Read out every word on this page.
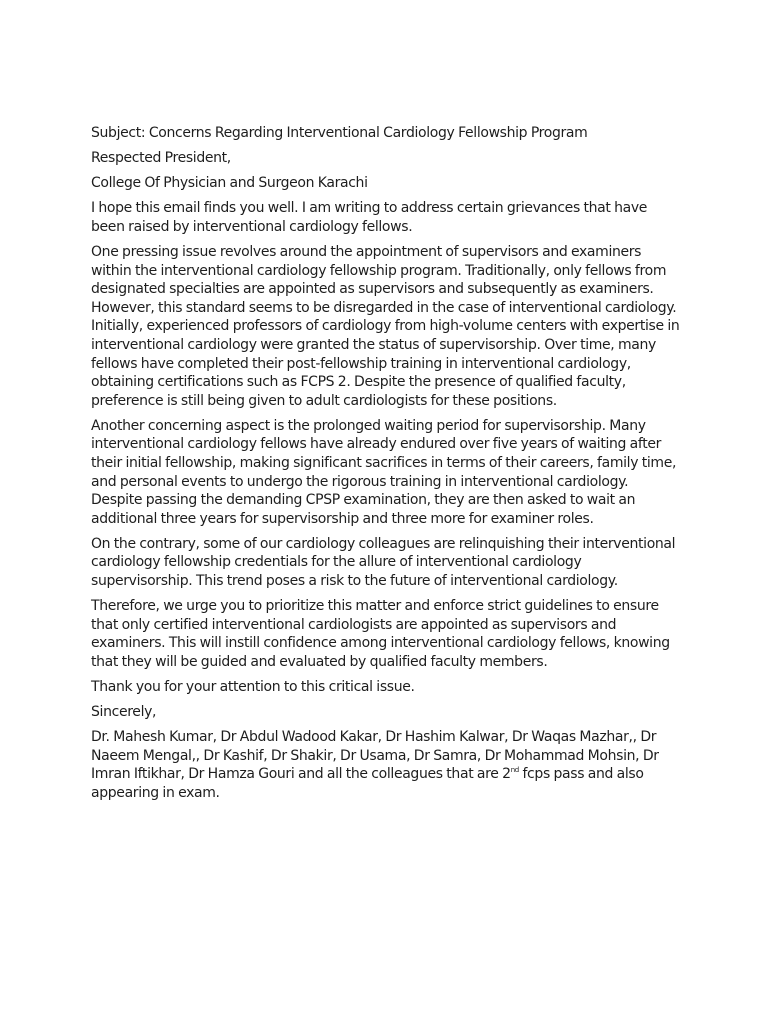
Subject: Concerns Regarding Interventional Cardiology Fellowship Program

Respected President,

College Of Physician and Surgeon Karachi

I hope this email finds you well. I am writing to address certain grievances that have been raised by interventional cardiology fellows.

One pressing issue revolves around the appointment of supervisors and examiners within the interventional cardiology fellowship program. Traditionally, only fellows from designated specialties are appointed as supervisors and subsequently as examiners. However, this standard seems to be disregarded in the case of interventional cardiology. Initially, experienced professors of cardiology from high-volume centers with expertise in interventional cardiology were granted the status of supervisorship. Over time, many fellows have completed their post-fellowship training in interventional cardiology, obtaining certifications such as FCPS 2. Despite the presence of qualified faculty, preference is still being given to adult cardiologists for these positions.

Another concerning aspect is the prolonged waiting period for supervisorship. Many interventional cardiology fellows have already endured over five years of waiting after their initial fellowship, making significant sacrifices in terms of their careers, family time, and personal events to undergo the rigorous training in interventional cardiology. Despite passing the demanding CPSP examination, they are then asked to wait an additional three years for supervisorship and three more for examiner roles.

On the contrary, some of our cardiology colleagues are relinquishing their interventional cardiology fellowship credentials for the allure of interventional cardiology supervisorship. This trend poses a risk to the future of interventional cardiology.

Therefore, we urge you to prioritize this matter and enforce strict guidelines to ensure that only certified interventional cardiologists are appointed as supervisors and examiners. This will instill confidence among interventional cardiology fellows, knowing that they will be guided and evaluated by qualified faculty members.

Thank you for your attention to this critical issue.

Sincerely,

Dr. Mahesh Kumar, Dr Abdul Wadood Kakar, Dr Hashim Kalwar, Dr Waqas Mazhar,, Dr Naeem Mengal,, Dr Kashif, Dr Shakir, Dr Usama, Dr Samra, Dr Mohammad Mohsin, Dr Imran Iftikhar, Dr Hamza Gouri and all the colleagues that are 2nd fcps pass and also appearing in exam.
